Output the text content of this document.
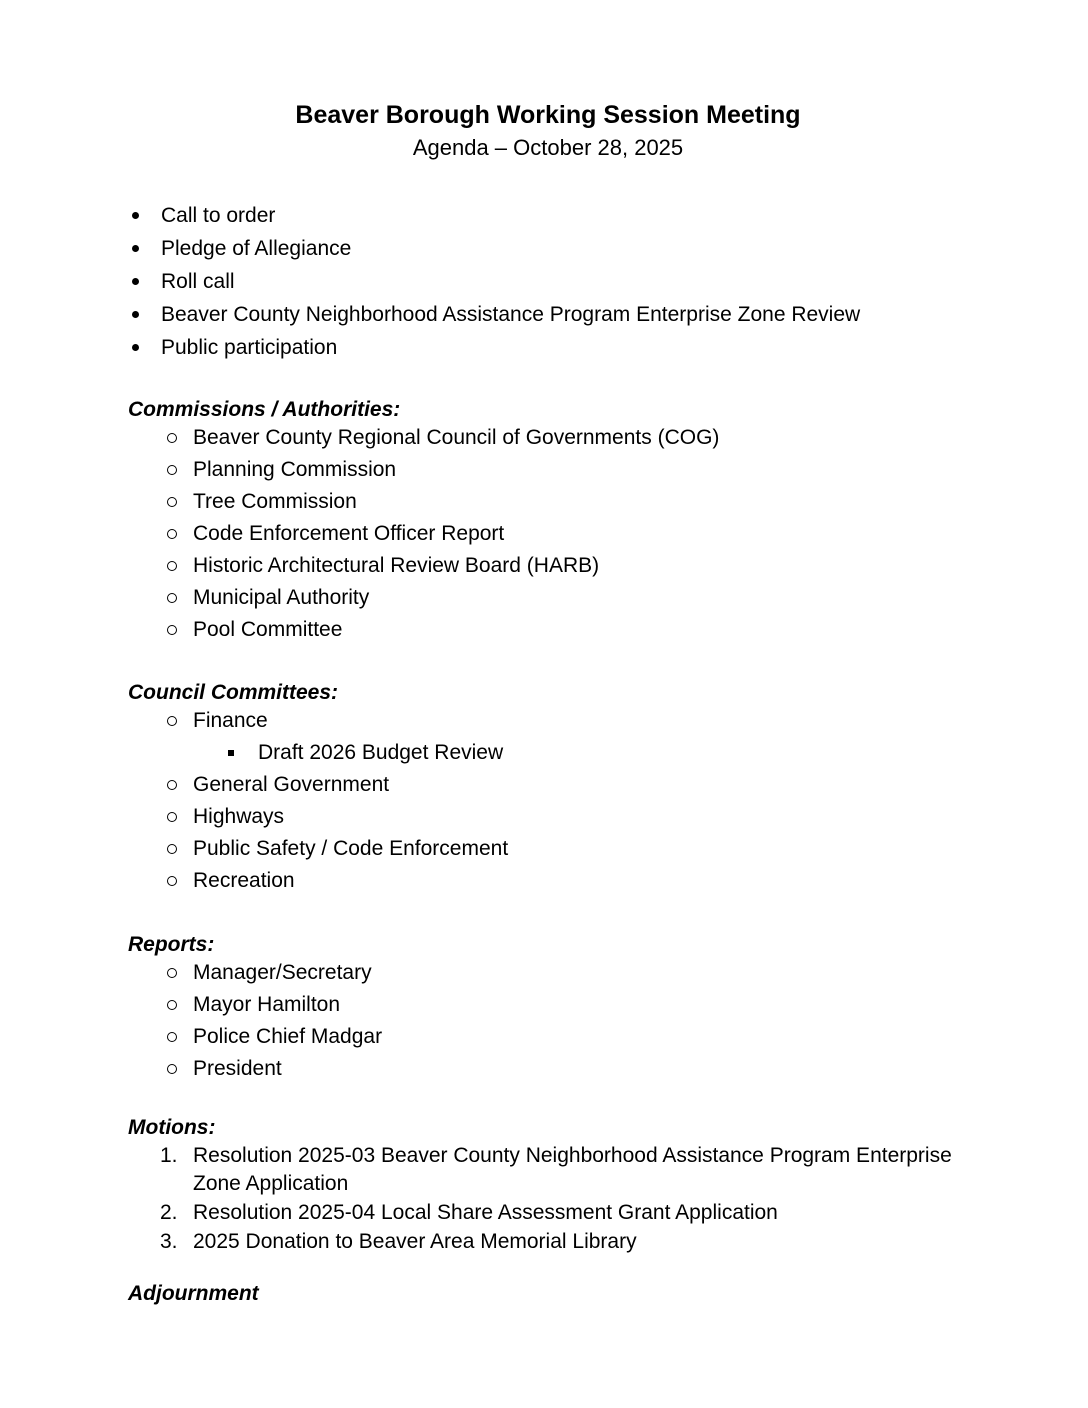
Beaver Borough Working Session Meeting
Agenda – October 28, 2025
Call to order
Pledge of Allegiance
Roll call
Beaver County Neighborhood Assistance Program Enterprise Zone Review
Public participation
Commissions / Authorities:
Beaver County Regional Council of Governments (COG)
Planning Commission
Tree Commission
Code Enforcement Officer Report
Historic Architectural Review Board (HARB)
Municipal Authority
Pool Committee
Council Committees:
Finance
Draft 2026 Budget Review
General Government
Highways
Public Safety / Code Enforcement
Recreation
Reports:
Manager/Secretary
Mayor Hamilton
Police Chief Madgar
President
Motions:
1. Resolution 2025-03 Beaver County Neighborhood Assistance Program Enterprise Zone Application
2. Resolution 2025-04 Local Share Assessment Grant Application
3. 2025 Donation to Beaver Area Memorial Library
Adjournment
